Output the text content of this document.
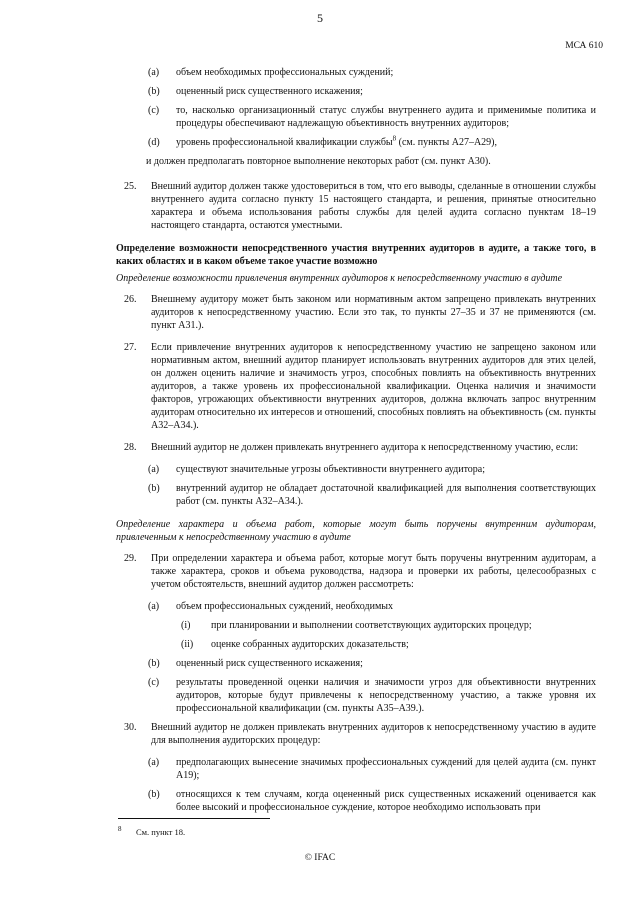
5
МСА 610
(a) объем необходимых профессиональных суждений;
(b) оцененный риск существенного искажения;
(c) то, насколько организационный статус службы внутреннего аудита и применимые политика и процедуры обеспечивают надлежащую объективность внутренних аудиторов;
(d) уровень профессиональной квалификации службы$^8$ (см. пункты A27–A29),
и должен предполагать повторное выполнение некоторых работ (см. пункт A30).
25. Внешний аудитор должен также удостовериться в том, что его выводы, сделанные в отношении службы внутреннего аудита согласно пункту 15 настоящего стандарта, и решения, принятые относительно характера и объема использования работы службы для целей аудита согласно пунктам 18–19 настоящего стандарта, остаются уместными.
Определение возможности непосредственного участия внутренних аудиторов в аудите, а также того, в каких областях и в каком объеме такое участие возможно
Определение возможности привлечения внутренних аудиторов к непосредственному участию в аудите
26. Внешнему аудитору может быть законом или нормативным актом запрещено привлекать внутренних аудиторов к непосредственному участию. Если это так, то пункты 27–35 и 37 не применяются (см. пункт A31.).
27. Если привлечение внутренних аудиторов к непосредственному участию не запрещено законом или нормативным актом, внешний аудитор планирует использовать внутренних аудиторов для этих целей, он должен оценить наличие и значимость угроз, способных повлиять на объективность внутренних аудиторов, а также уровень их профессиональной квалификации. Оценка наличия и значимости факторов, угрожающих объективности внутренних аудиторов, должна включать запрос внутренним аудиторам относительно их интересов и отношений, способных повлиять на объективность (см. пункты A32–A34.).
28. Внешний аудитор не должен привлекать внутреннего аудитора к непосредственному участию, если:
(a) существуют значительные угрозы объективности внутреннего аудитора;
(b) внутренний аудитор не обладает достаточной квалификацией для выполнения соответствующих работ (см. пункты A32–A34.).
Определение характера и объема работ, которые могут быть поручены внутренним аудиторам, привлеченным к непосредственному участию в аудите
29. При определении характера и объема работ, которые могут быть поручены внутренним аудиторам, а также характера, сроков и объема руководства, надзора и проверки их работы, целесообразных с учетом обстоятельств, внешний аудитор должен рассмотреть:
(a) объем профессиональных суждений, необходимых
(i) при планировании и выполнении соответствующих аудиторских процедур;
(ii) оценке собранных аудиторских доказательств;
(b) оцененный риск существенного искажения;
(c) результаты проведенной оценки наличия и значимости угроз для объективности внутренних аудиторов, которые будут привлечены к непосредственному участию, а также уровня их профессиональной квалификации (см. пункты A35–A39.).
30. Внешний аудитор не должен привлекать внутренних аудиторов к непосредственному участию в аудите для выполнения аудиторских процедур:
(a) предполагающих вынесение значимых профессиональных суждений для целей аудита (см. пункт A19);
(b) относящихся к тем случаям, когда оцененный риск существенных искажений оценивается как более высокий и профессиональное суждение, которое необходимо использовать при
$^8$ См. пункт 18.
© IFAC
